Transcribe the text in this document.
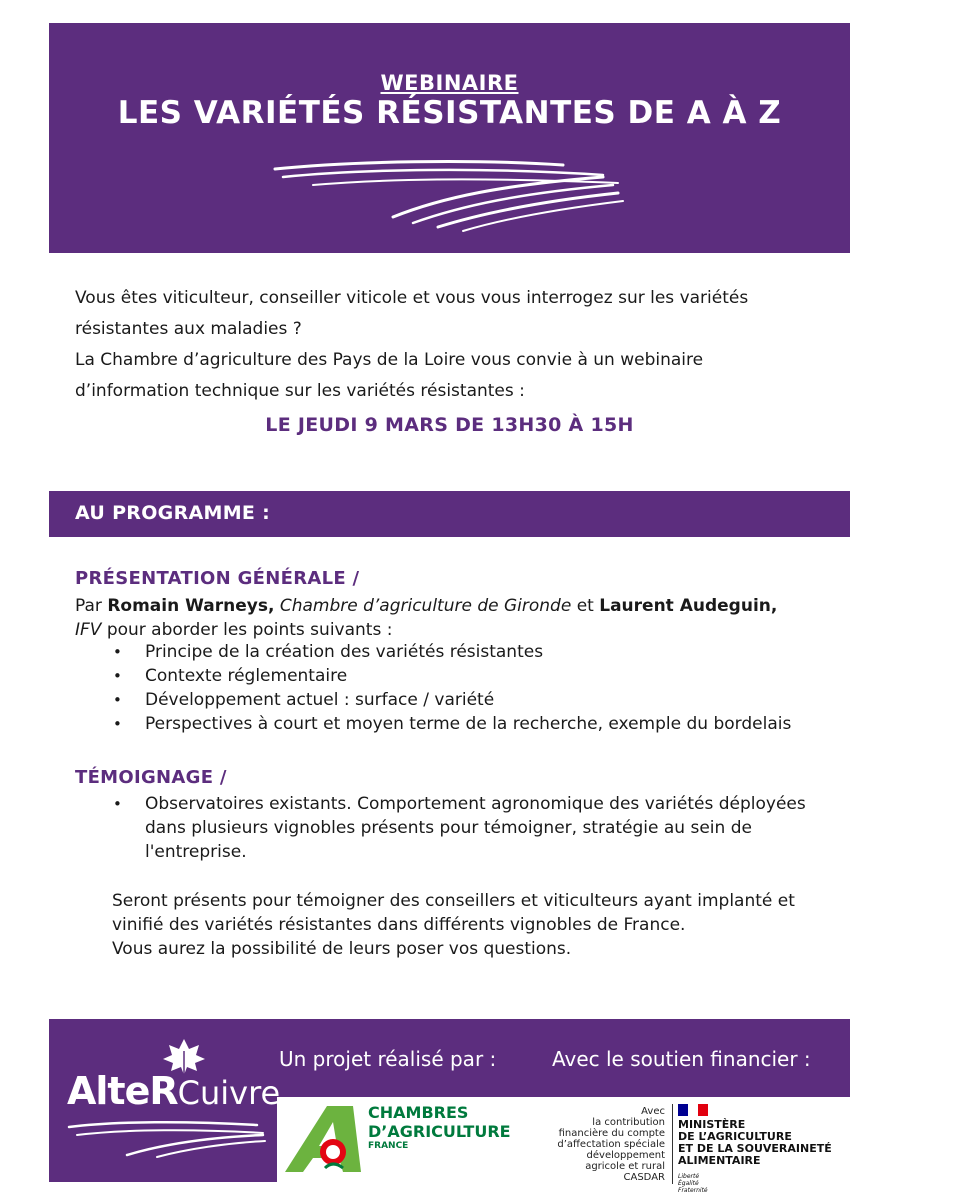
WEBINAIRE
LES VARIÉTÉS RÉSISTANTES DE A À Z

Vous êtes viticulteur, conseiller viticole et vous vous interrogez sur les variétés

résistantes aux maladies ?

La Chambre d’agriculture des Pays de la Loire vous convie à un webinaire

d’information technique sur les variétés résistantes :

LE JEUDI 9 MARS DE 13H30 À 15H
AU PROGRAMME :
PRÉSENTATION GÉNÉRALE /

Par Romain Warneys, Chambre d’agriculture de Gironde et Laurent Audeguin,

IFV pour aborder les points suivants :

• Principe de la création des variétés résistantes
• Contexte réglementaire
• Développement actuel : surface / variété
• Perspectives à court et moyen terme de la recherche, exemple du bordelais
TÉMOIGNAGE /
• Observatoires existants. Comportement agronomique des variétés déployées dans plusieurs vignobles présents pour témoigner, stratégie au sein de l'entreprise.

Seront présents pour témoigner des conseillers et viticulteurs ayant implanté et

vinifié des variétés résistantes dans différents vignobles de France.

Vous aurez la possibilité de leurs poser vos questions.

AlteRCuivre
Un projet réalisé par :	Avec le soutien financier :
CHAMBRES
D’AGRICULTURE
FRANCE
Avec
la contribution
financière du compte
d’affectation spéciale
développement
agricole et rural
CASDAR
MINISTÈRE
DE L’AGRICULTURE
ET DE LA SOUVERAINETÉ
ALIMENTAIRE
Liberté
Égalité
Fraternité
